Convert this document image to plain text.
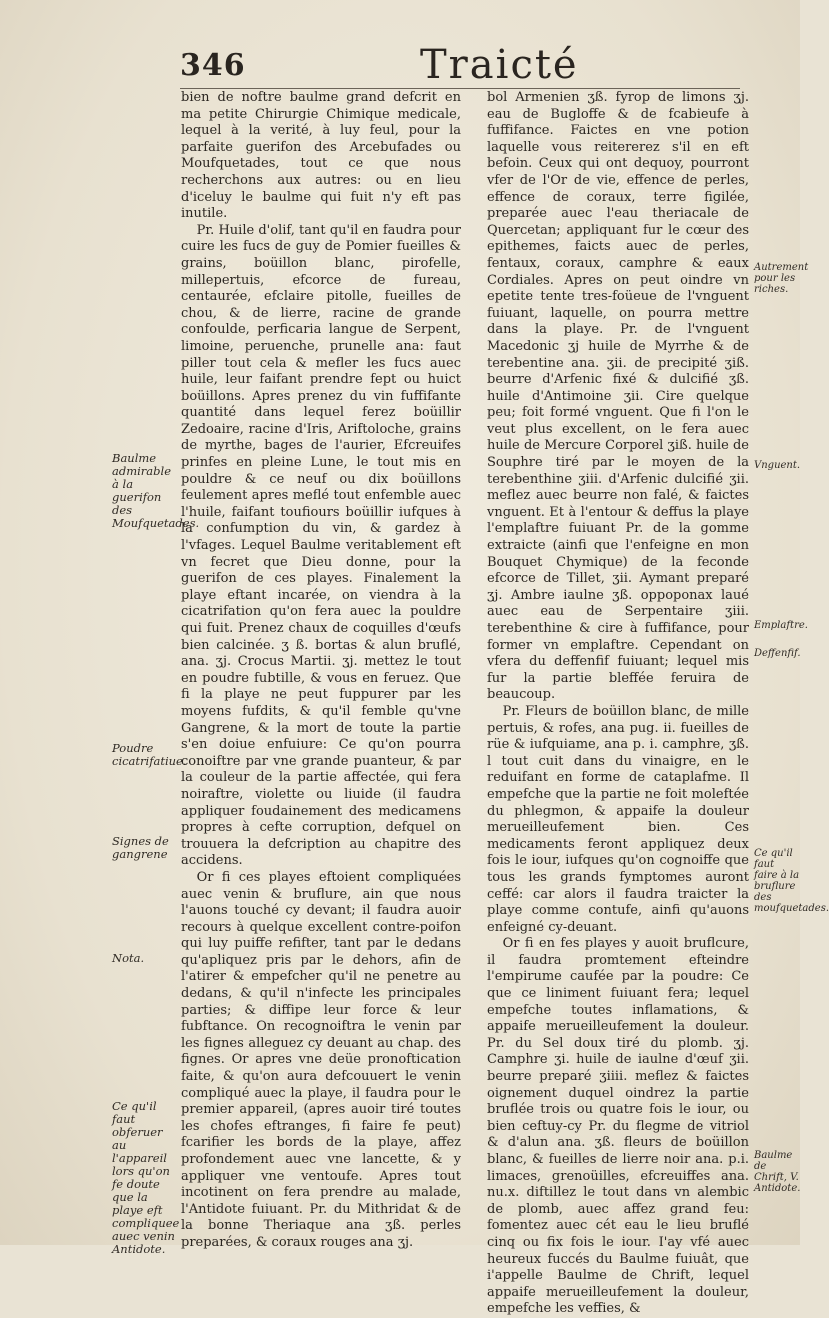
346	Traicté
Baulme admirable à la guerifon des Moufquetades.
Poudre cicatrifatiue.
Signes de gangrene
Nota.
Ce qu'il faut obferuer au l'appareil lors qu'on fe doute que la playe eft compliquee auec venin Antidote.
Autrement pour les riches.
Vnguent.
Emplaftre.
Deffenfif.
Ce qu'il faut faire à la bruflure des moufquetades.
Baulme de Chrift, V. Antidote.

bien de noftre baulme grand defcrit en ma petite Chirurgie Chimique medicale, lequel à la verité, à luy feul, pour la parfaite guerifon des Arcebufades ou Moufquetades, tout ce que nous recherchons aux autres: ou en lieu d'iceluy le baulme qui fuit n'y eft pas inutile.

Pr. Huile d'olif, tant qu'il en faudra pour cuire les fucs de guy de Pomier fueilles & grains, boüillon blanc, pirofelle, millepertuis, efcorce de fureau, centaurée, efclaire pitolle, fueilles de chou, & de lierre, racine de grande confoulde, perficaria langue de Serpent, limoine, peruenche, prunelle ana: faut piller tout cela & mefler les fucs auec huile, leur faifant prendre fept ou huict boüillons. Apres prenez du vin fuffifante quantité dans lequel ferez boüillir Zedoaire, racine d'Iris, Ariftoloche, grains de myrthe, bages de l'aurier, Efcreuifes prinfes en pleine Lune, le tout mis en pouldre & ce neuf ou dix boüillons feulement apres meflé tout enfemble auec l'huile, faifant toufiours boüillir iufques à la confumption du vin, & gardez à l'vfages. Lequel Baulme veritablement eft vn fecret que Dieu donne, pour la guerifon de ces playes. Finalement la playe eftant incarée, on viendra à la cicatrifation qu'on fera auec la pouldre qui fuit. Prenez chaux de coquilles d'œufs bien calcinée. ʒ ß. bortas & alun bruflé, ana. ʒj. Crocus Martii. ʒj. mettez le tout en poudre fubtille, & vous en feruez. Que fi la playe ne peut fuppurer par les moyens fufdits, & qu'il femble qu'vne Gangrene, & la mort de toute la partie s'en doiue enfuiure: Ce qu'on pourra conoiftre par vne grande puanteur, & par la couleur de la partie affectée, qui fera noiraftre, violette ou liuide (il faudra appliquer foudainement des medicamens propres à cefte corruption, defquel on trouuera la defcription au chapitre des accidens.

Or fi ces playes eftoient compliquées auec venin & bruflure, ain que nous l'auons touché cy devant; il faudra auoir recours à quelque excellent contre-poifon qui luy puiffe refifter, tant par le dedans qu'apliquez pris par le dehors, afin de l'atirer & empefcher qu'il ne penetre au dedans, & qu'il n'infecte les principales parties; & diffipe leur force & leur fubftance. On recognoiftra le venin par les fignes alleguez cy deuant au chap. des fignes. Or apres vne deüe pronoftication faite, & qu'on aura defcouuert le venin compliqué auec la playe, il faudra pour le premier appareil, (apres auoir tiré toutes les chofes eftranges, fi faire fe peut) fcarifier les bords de la playe, affez profondement auec vne lancette, & y appliquer vne ventoufe. Apres tout incotinent on fera prendre au malade, l'Antidote fuiuant. Pr. du Mithridat & de la bonne Theriaque ana ʒß. perles preparées, & coraux rouges ana ʒj.

bol Armenien ʒß. fyrop de limons ʒj. eau de Bugloffe & de fcabieufe à fuffifance. Faictes en vne potion laquelle vous reitererez s'il en eft befoin. Ceux qui ont dequoy, pourront vfer de l'Or de vie, effence de perles, effence de coraux, terre figilée, preparée auec l'eau theriacale de Quercetan; appliquant fur le cœur des epithemes, faicts auec de perles, fentaux, coraux, camphre & eaux Cordiales. Apres on peut oindre vn epetite tente tres-foüeue de l'vnguent fuiuant, laquelle, on pourra mettre dans la playe. Pr. de l'vnguent Macedonic ʒj huile de Myrrhe & de terebentine ana. ʒii. de precipité ʒiß. beurre d'Arfenic fixé & dulcifié ʒß. huile d'Antimoine ʒii. Cire quelque peu; foit formé vnguent. Que fi l'on le veut plus excellent, on le fera auec huile de Mercure Corporel ʒiß. huile de Souphre tiré par le moyen de la terebenthine ʒiii. d'Arfenic dulcifié ʒii. meflez auec beurre non falé, & faictes vnguent. Et à l'entour & deffus la playe l'emplaftre fuiuant Pr. de la gomme extraicte (ainfi que l'enfeigne en mon Bouquet Chymique) de la feconde efcorce de Tillet, ʒii. Aymant preparé ʒj. Ambre iaulne ʒß. oppoponax laué auec eau de Serpentaire ʒiii. terebenthine & cire à fuffifance, pour former vn emplaftre. Cependant on vfera du deffenfif fuiuant; lequel mis fur la partie bleffée feruira de beaucoup.

Pr. Fleurs de boüillon blanc, de mille pertuis, & rofes, ana pug. ii. fueilles de rüe & iufquiame, ana p. i. camphre, ʒß. l tout cuit dans du vinaigre, en le reduifant en forme de cataplafme. Il empefche que la partie ne foit moleftée du phlegmon, & appaife la douleur merueilleufement bien. Ces medicaments feront appliquez deux fois le iour, iufques qu'on cognoiffe que tous les grands fymptomes auront ceffé: car alors il faudra traicter la playe comme contufe, ainfi qu'auons enfeigné cy-deuant.

Or fi en fes playes y auoit bruflcure, il faudra promtement efteindre l'empirume caufée par la poudre: Ce que ce liniment fuiuant fera; lequel empefche toutes inflamations, & appaife merueilleufement la douleur. Pr. du Sel doux tiré du plomb. ʒj. Camphre ʒi. huile de iaulne d'œuf ʒii. beurre preparé ʒiiii. meflez & faictes oignement duquel oindrez la partie bruflée trois ou quatre fois le iour, ou bien ceftuy-cy Pr. du flegme de vitriol & d'alun ana. ʒß. fleurs de boüillon blanc, & fueilles de lierre noir ana. p.i. limaces, grenoüilles, efcreuiffes ana. nu.x. diftillez le tout dans vn alembic de plomb, auec affez grand feu: fomentez auec cét eau le lieu bruflé cinq ou fix fois le iour. I'ay vfé auec heureux fuccés du Baulme fuiuât, que i'appelle Baulme de Chrift, lequel appaife merueilleufement la douleur, empefche les veffies, &
